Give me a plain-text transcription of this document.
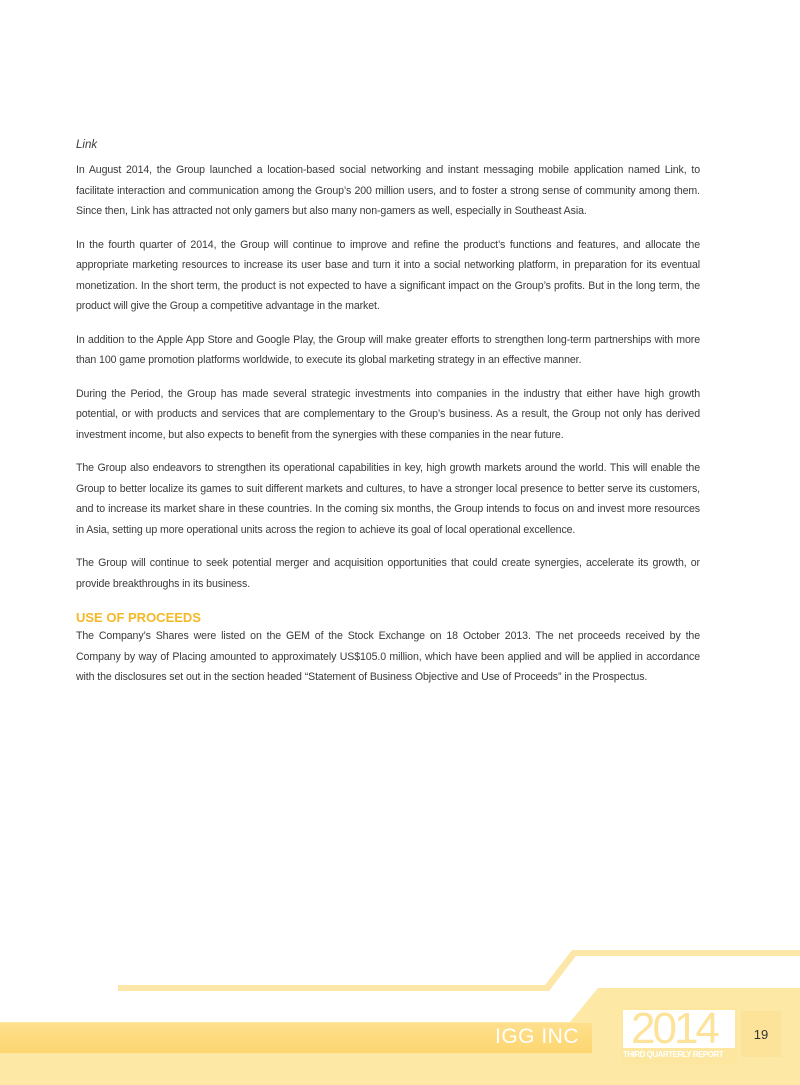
Link

In August 2014, the Group launched a location-based social networking and instant messaging mobile application named Link, to facilitate interaction and communication among the Group’s 200 million users, and to foster a strong sense of community among them. Since then, Link has attracted not only gamers but also many non-gamers as well, especially in Southeast Asia.

In the fourth quarter of 2014, the Group will continue to improve and refine the product’s functions and features, and allocate the appropriate marketing resources to increase its user base and turn it into a social networking platform, in preparation for its eventual monetization. In the short term, the product is not expected to have a significant impact on the Group’s profits. But in the long term, the product will give the Group a competitive advantage in the market.

In addition to the Apple App Store and Google Play, the Group will make greater efforts to strengthen long-term partnerships with more than 100 game promotion platforms worldwide, to execute its global marketing strategy in an effective manner.

During the Period, the Group has made several strategic investments into companies in the industry that either have high growth potential, or with products and services that are complementary to the Group’s business. As a result, the Group not only has derived investment income, but also expects to benefit from the synergies with these companies in the near future.

The Group also endeavors to strengthen its operational capabilities in key, high growth markets around the world. This will enable the Group to better localize its games to suit different markets and cultures, to have a stronger local presence to better serve its customers, and to increase its market share in these countries. In the coming six months, the Group intends to focus on and invest more resources in Asia, setting up more operational units across the region to achieve its goal of local operational excellence.

The Group will continue to seek potential merger and acquisition opportunities that could create synergies, accelerate its growth, or provide breakthroughs in its business.

USE OF PROCEEDS

The Company’s Shares were listed on the GEM of the Stock Exchange on 18 October 2013. The net proceeds received by the Company by way of Placing amounted to approximately US$105.0 million, which have been applied and will be applied in accordance with the disclosures set out in the section headed “Statement of Business Objective and Use of Proceeds” in the Prospectus.

IGG INC 2014
THIRD QUARTERLY REPORT
19
